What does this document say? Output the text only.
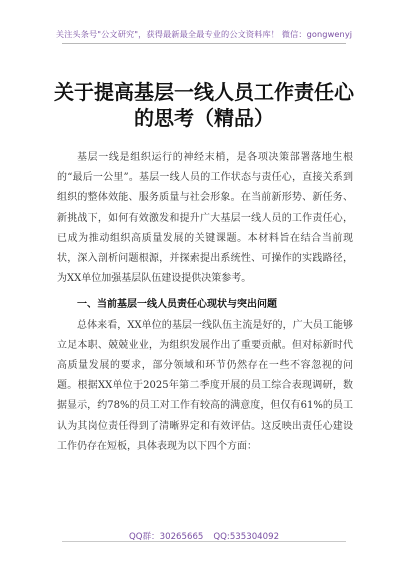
关注头条号"公文研究"，获得最新最全最专业的公文资料库！ 微信：gongwenyj
关于提高基层一线人员工作责任心
的思考（精品）

基层一线是组织运行的神经末梢，是各项决策部署落地生根的“最后一公里”。基层一线人员的工作状态与责任心，直接关系到组织的整体效能、服务质量与社会形象。在当前新形势、新任务、新挑战下，如何有效激发和提升广大基层一线人员的工作责任心，已成为推动组织高质量发展的关键课题。本材料旨在结合当前现状，深入剖析问题根源，并探索提出系统性、可操作的实践路径，为XX单位加强基层队伍建设提供决策参考。

一、当前基层一线人员责任心现状与突出问题

总体来看，XX单位的基层一线队伍主流是好的，广大员工能够立足本职、兢兢业业，为组织发展作出了重要贡献。但对标新时代高质量发展的要求，部分领域和环节仍然存在一些不容忽视的问题。根据XX单位于2025年第二季度开展的员工综合表现调研，数据显示，约78%的员工对工作有较高的满意度，但仅有61%的员工认为其岗位责任得到了清晰界定和有效评估。这反映出责任心建设工作仍存在短板，具体表现为以下四个方面：

QQ群：30265665 QQ:535304092
